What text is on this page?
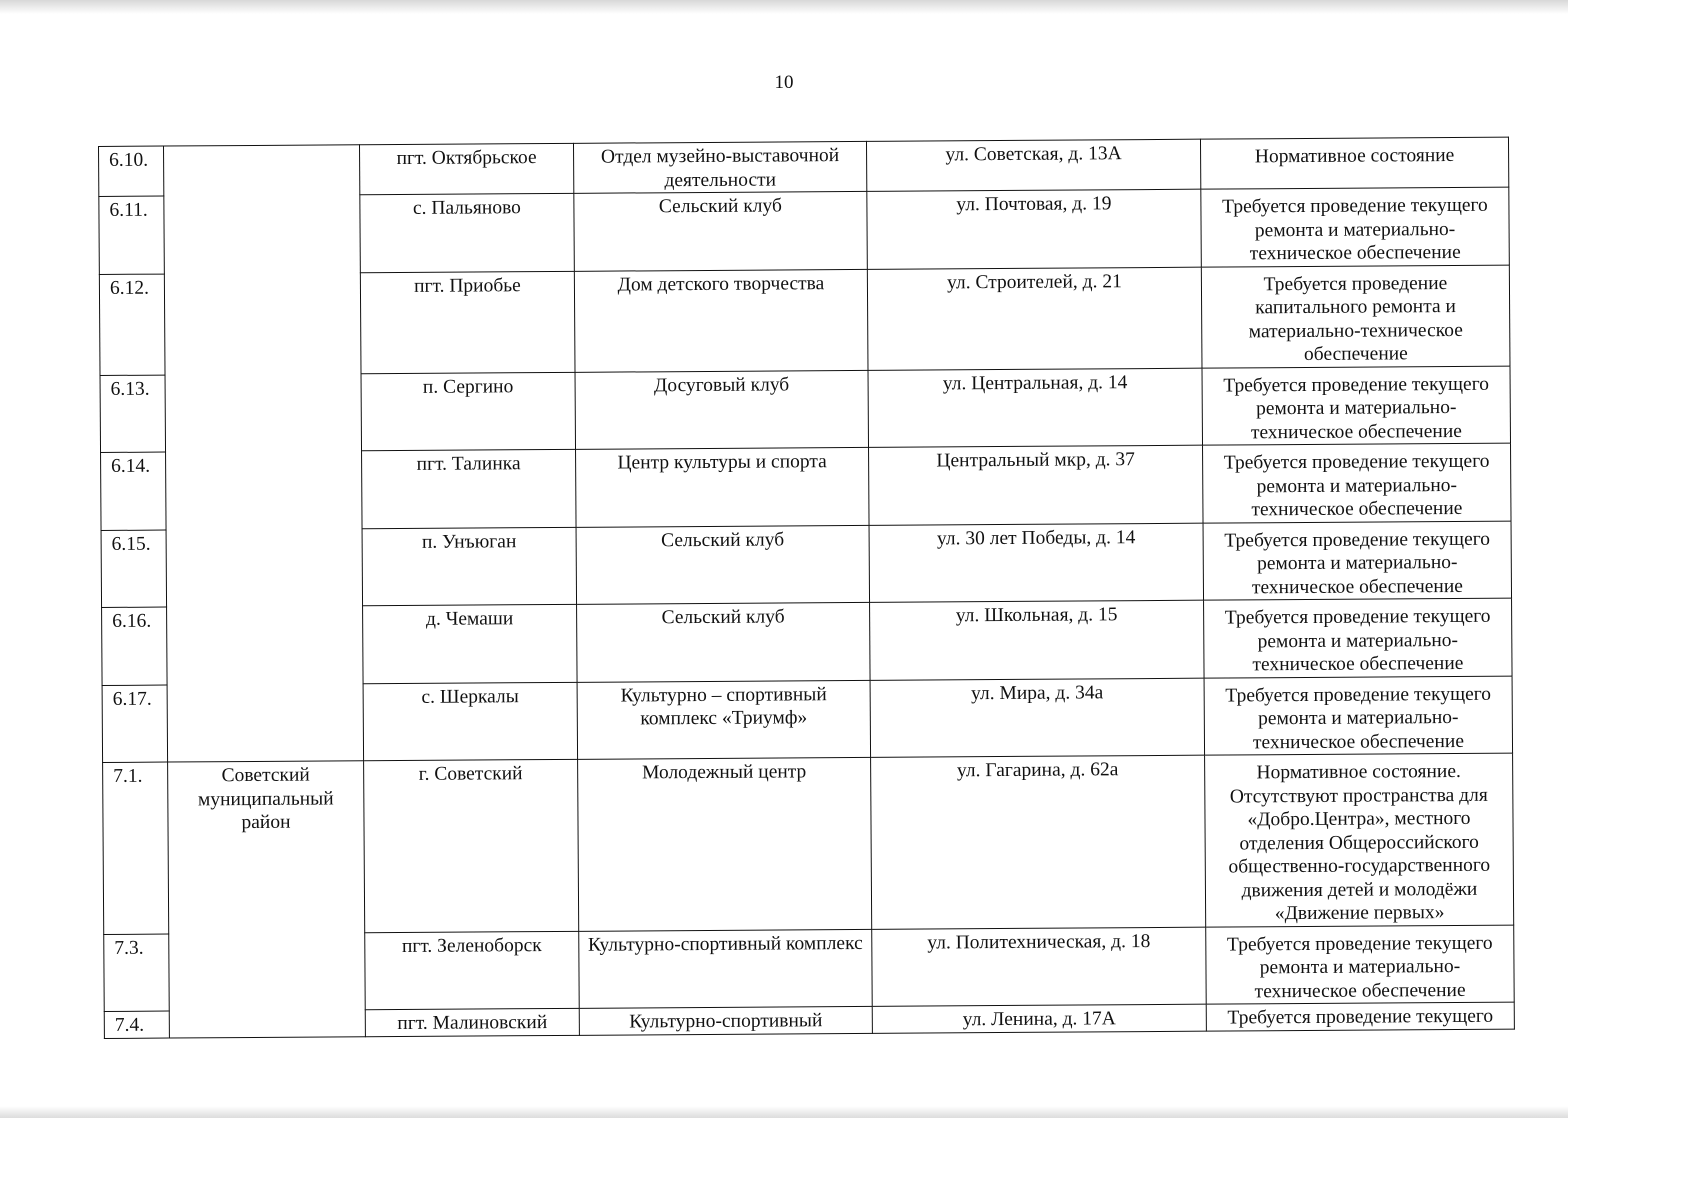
10
6.10.		пгт. Октябрьское	Отдел музейно-выставочной деятельности	ул. Советская, д. 13А	Нормативное состояние
6.11.		с. Пальяново	Сельский клуб	ул. Почтовая, д. 19	Требуется проведение текущего ремонта и материально-техническое обеспечение
6.12.		пгт. Приобье	Дом детского творчества	ул. Строителей, д. 21	Требуется проведение капитального ремонта и материально-техническое обеспечение
6.13.		п. Сергино	Досуговый клуб	ул. Центральная, д. 14	Требуется проведение текущего ремонта и материально-техническое обеспечение
6.14.		пгт. Талинка	Центр культуры и спорта	Центральный мкр, д. 37	Требуется проведение текущего ремонта и материально-техническое обеспечение
6.15.		п. Унъюган	Сельский клуб	ул. 30 лет Победы, д. 14	Требуется проведение текущего ремонта и материально-техническое обеспечение
6.16.		д. Чемаши	Сельский клуб	ул. Школьная, д. 15	Требуется проведение текущего ремонта и материально-техническое обеспечение
6.17.		с. Шеркалы	Культурно – спортивный комплекс «Триумф»	ул. Мира, д. 34а	Требуется проведение текущего ремонта и материально-техническое обеспечение
7.1.	Советский муниципальный район	г. Советский	Молодежный центр	ул. Гагарина, д. 62а	Нормативное состояние. Отсутствуют пространства для «Добро.Центра», местного отделения Общероссийского общественно-государственного движения детей и молодёжи «Движение первых»
7.3.		пгт. Зеленоборск	Культурно-спортивный комплекс	ул. Политехническая, д. 18	Требуется проведение текущего ремонта и материально-техническое обеспечение
7.4.		пгт. Малиновский	Культурно-спортивный	ул. Ленина, д. 17А	Требуется проведение текущего
